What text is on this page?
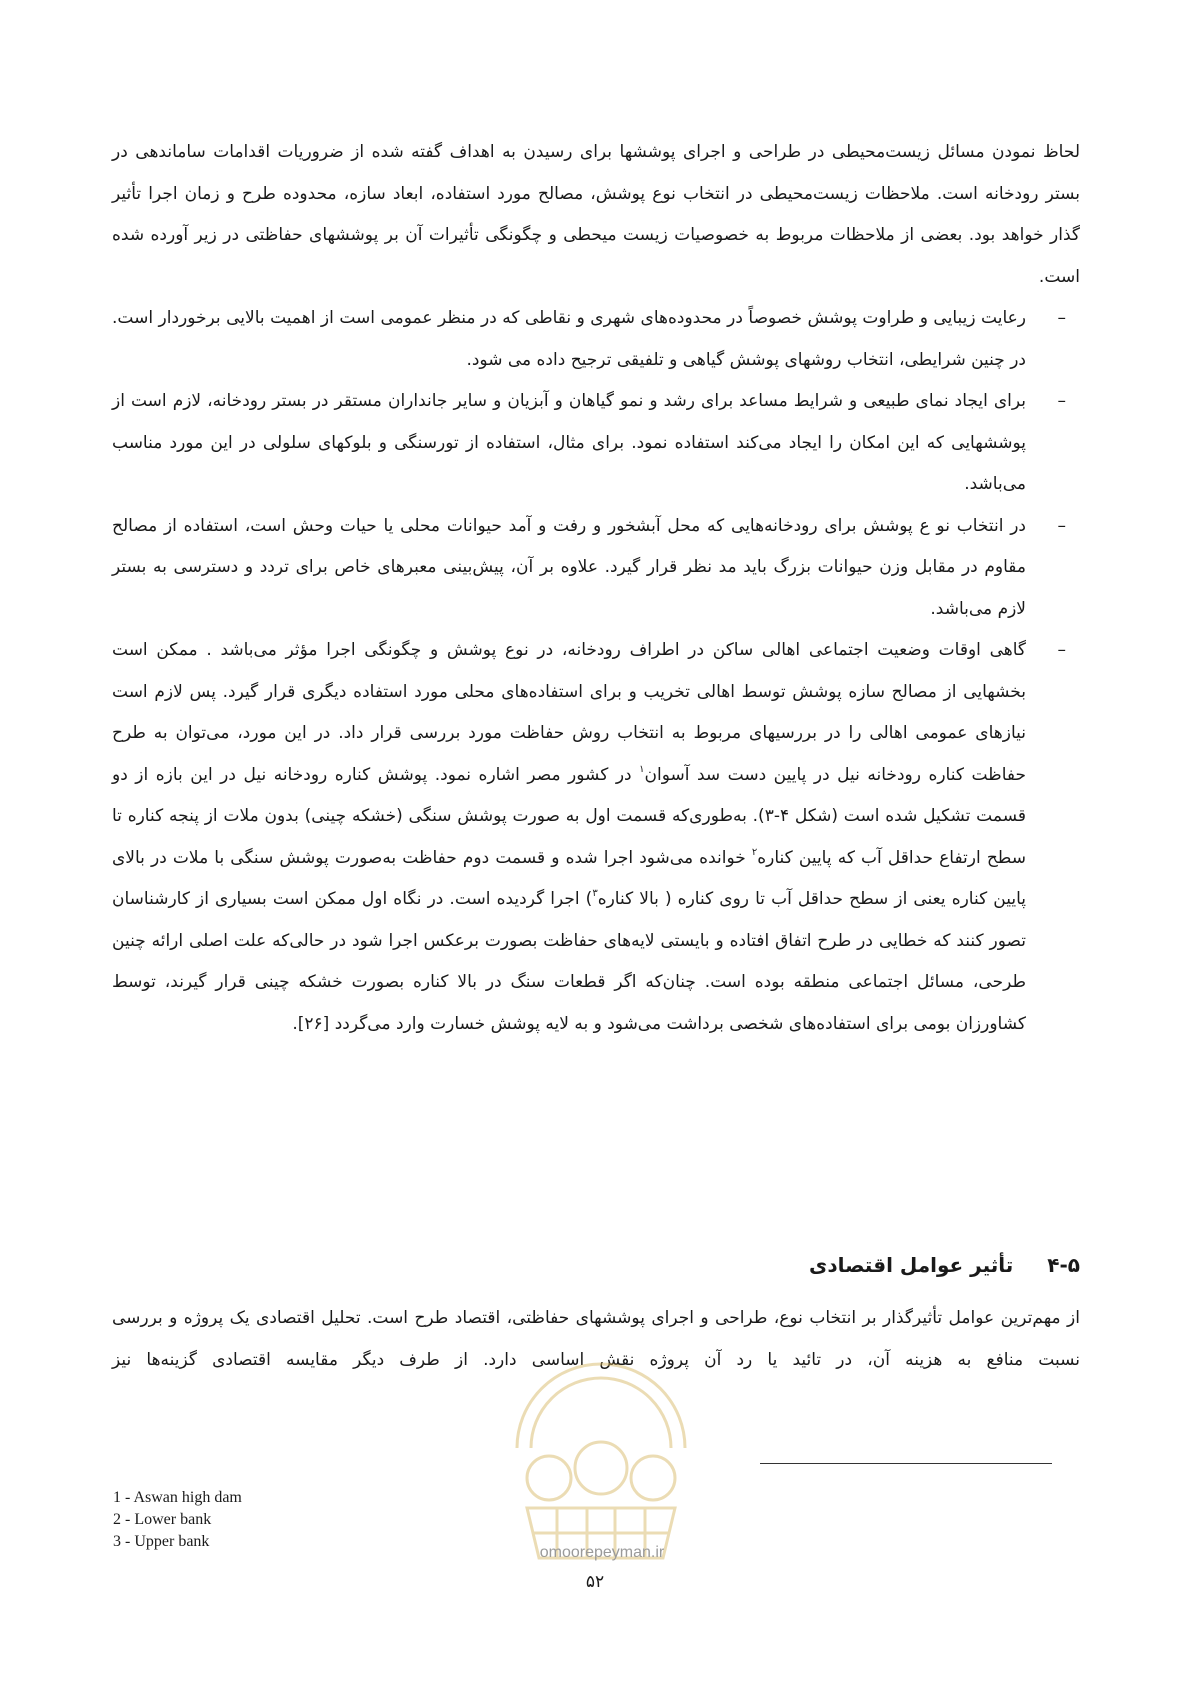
لحاظ نمودن مسائل زیست‌محیطی در طراحی و اجرای پوششها برای رسیدن به اهداف گفته شده از ضروریات اقدامات ساماندهی در بستر رودخانه است. ملاحظات زیست‌محیطی در انتخاب نوع پوشش، مصالح مورد استفاده، ابعاد سازه، محدوده طرح و زمان اجرا تأثیر گذار خواهد بود. بعضی از ملاحظات مربوط به خصوصیات زیست میحطی و چگونگی تأثیرات آن بر پوششهای حفاظتی در زیر آورده شده است.

–
رعایت زیبایی و طراوت پوشش خصوصاً در محدوده‌های شهری و نقاطی که در منظر عمومی است از اهمیت بالایی برخوردار است. در چنین شرایطی، انتخاب روشهای پوشش گیاهی و تلفیقی ترجیح داده می شود.
–
برای ایجاد نمای طبیعی و شرایط مساعد برای رشد و نمو گیاهان و آبزیان و سایر جانداران مستقر در بستر رودخانه، لازم است از پوششهایی که این امکان را ایجاد می‌کند استفاده نمود. برای مثال، استفاده از تورسنگی و بلوکهای سلولی در این مورد مناسب می‌باشد.
–
در انتخاب نو ع پوشش برای رودخانه‌هایی که محل آبشخور و رفت و آمد حیوانات محلی یا حیات وحش است، استفاده از مصالح مقاوم در مقابل وزن حیوانات بزرگ باید مد نظر قرار گیرد. علاوه بر آن، پیش‌بینی معبرهای خاص برای تردد و دسترسی به بستر لازم می‌باشد.
–
گاهی اوقات وضعیت اجتماعی اهالی ساکن در اطراف رودخانه، در نوع پوشش و چگونگی اجرا مؤثر می‌باشد . ممکن است بخشهایی از مصالح سازه پوشش توسط اهالی تخریب و برای استفاده‌های محلی مورد استفاده دیگری قرار گیرد. پس لازم است نیازهای عمومی اهالی را در بررسیهای مربوط به انتخاب روش حفاظت مورد بررسی قرار داد. در این مورد، می‌توان به طرح حفاظت کناره رودخانه نیل در پایین دست سد آسوان$^۱$ در کشور مصر اشاره نمود. پوشش کناره رودخانه نیل در این بازه از دو قسمت تشکیل شده است (شکل ۴-۳). به‌طوری‌که قسمت اول به صورت پوشش سنگی (خشکه چینی) بدون ملات از پنجه کناره تا سطح ارتفاع حداقل آب که پایین کناره$^۲$ خوانده می‌شود اجرا شده و قسمت دوم حفاظت به‌صورت پوشش سنگی با ملات در بالای پایین کناره یعنی از سطح حداقل آب تا روی کناره ( بالا کناره$^۳$) اجرا گردیده است. در نگاه اول ممکن است بسیاری از کارشناسان تصور کنند که خطایی در طرح اتفاق افتاده و بایستی لایه‌های حفاظت بصورت برعکس اجرا شود در حالی‌که علت اصلی ارائه چنین طرحی، مسائل اجتماعی منطقه بوده است. چنان‌که اگر قطعات سنگ در بالا کناره بصورت خشکه چینی قرار گیرند، توسط کشاورزان بومی برای استفاده‌های شخصی برداشت می‌شود و به لایه پوشش خسارت وارد می‌گردد [۲۶].
۴-۵تأثیر عوامل اقتصادی

از مهم‌ترین عوامل تأثیرگذار بر انتخاب نوع، طراحی و اجرای پوششهای حفاظتی، اقتصاد طرح است. تحلیل اقتصادی یک پروژه و بررسی نسبت منافع به هزینه آن، در تائید یا رد آن پروژه نقش اساسی دارد. از طرف دیگر مقایسه اقتصادی گزینه‌ها نیز

omoorepeyman.ir
1 - Aswan high dam
2 - Lower bank
3 - Upper bank
۵۲
